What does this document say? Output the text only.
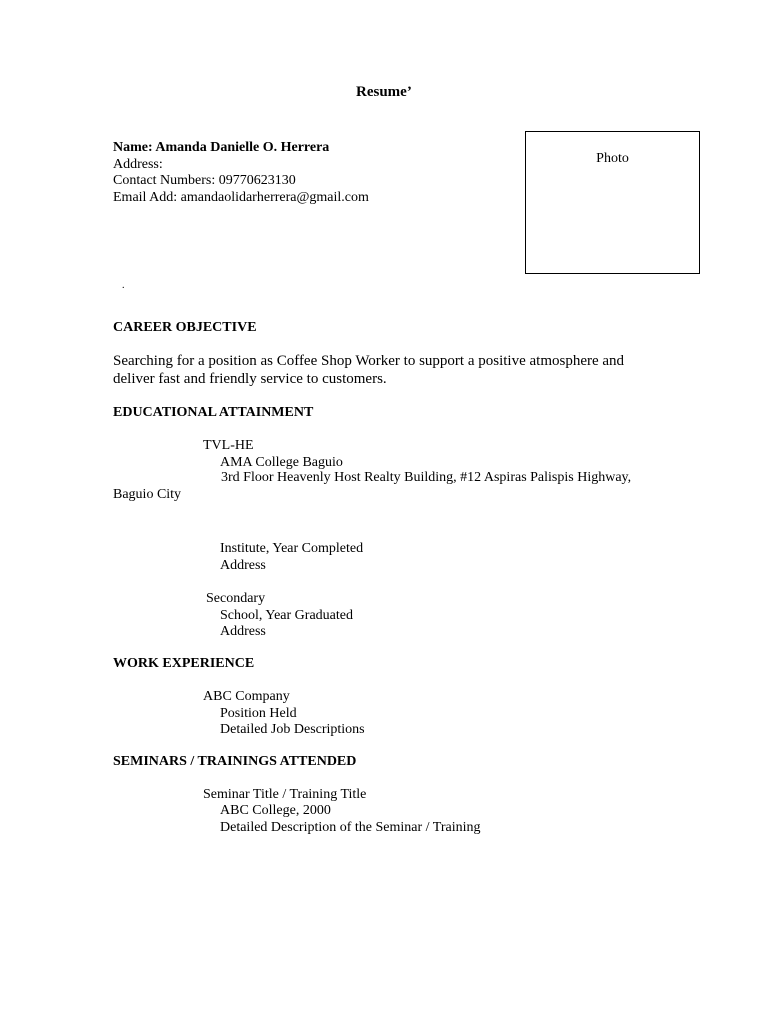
Resume’
Name: Amanda Danielle O. Herrera
Address:
Contact Numbers: 09770623130
Email Add: amandaolidarherrera@gmail.com
.
Photo
CAREER OBJECTIVE
Searching for a position as Coffee Shop Worker to support a positive atmosphere and deliver fast and friendly service to customers.
EDUCATIONAL ATTAINMENT
TVL-HE
AMA College Baguio
3rd Floor Heavenly Host Realty Building, #12 Aspiras Palispis Highway,
Baguio City
Institute, Year Completed
Address
Secondary
School, Year Graduated
Address
WORK EXPERIENCE
ABC Company
Position Held
Detailed Job Descriptions
SEMINARS / TRAININGS ATTENDED
Seminar Title / Training Title
ABC College, 2000
Detailed Description of the Seminar / Training
